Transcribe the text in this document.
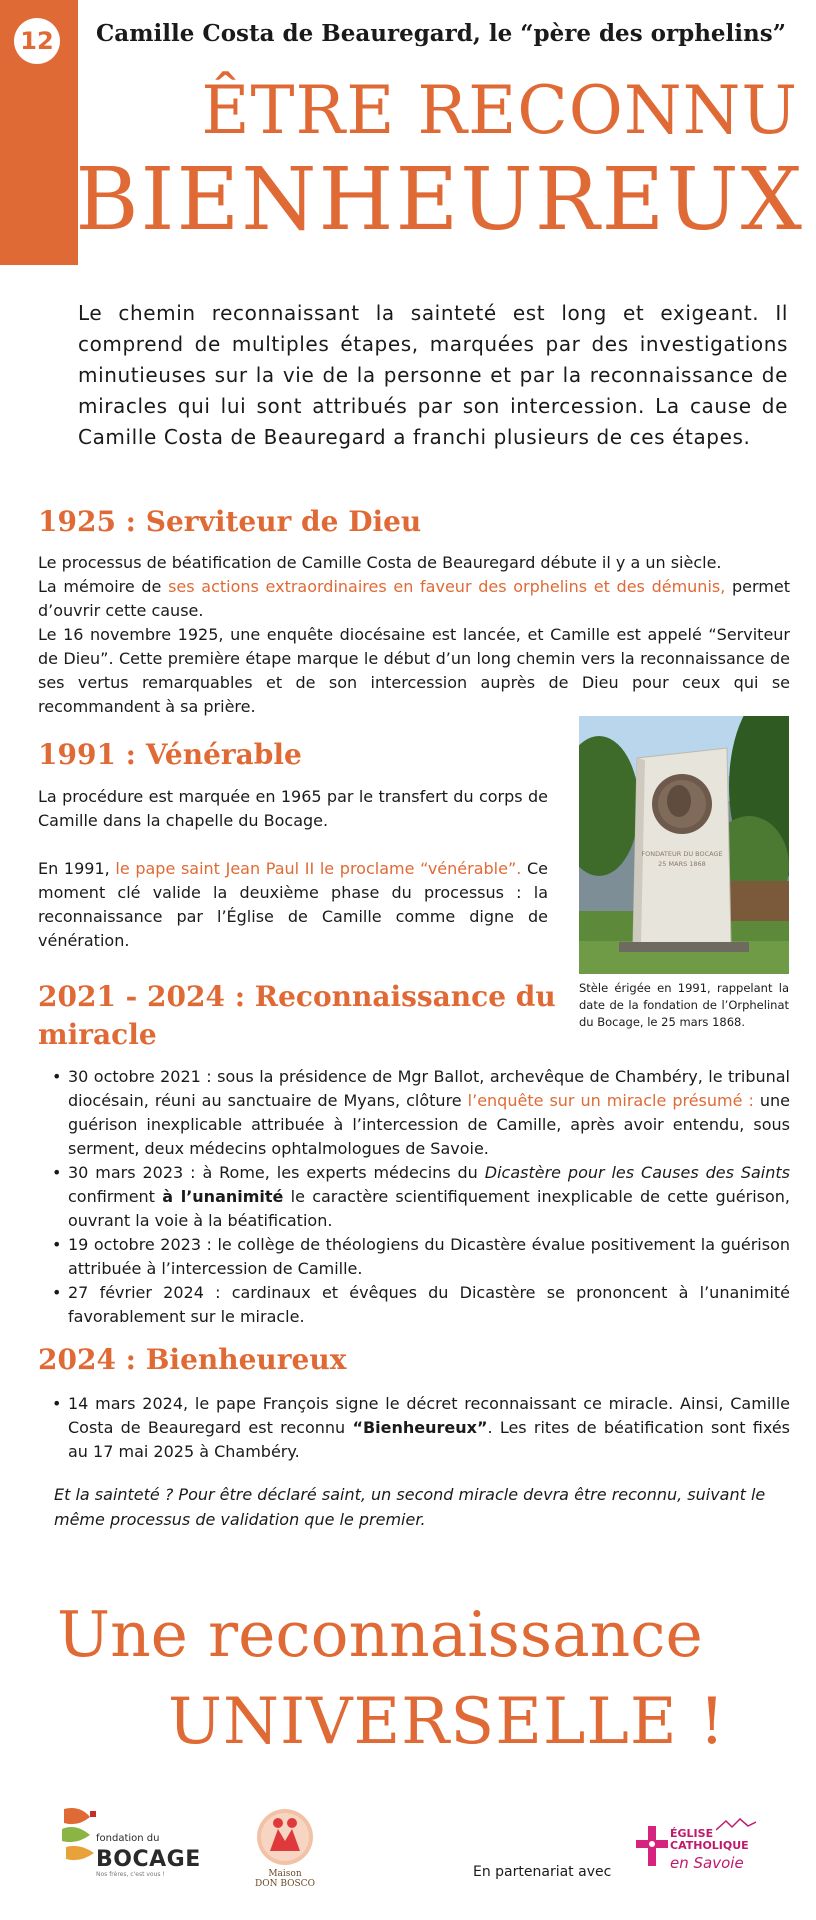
12 Camille Costa de Beauregard, le “père des orphelins”
ÊTRE RECONNU
BIENHEUREUX

Le chemin reconnaissant la sainteté est long et exigeant. Il comprend de multiples étapes, marquées par des investigations minutieuses sur la vie de la personne et par la reconnaissance de miracles qui lui sont attribués par son intercession. La cause de Camille Costa de Beauregard a franchi plusieurs de ces étapes.

1925 : Serviteur de Dieu
Le processus de béatification de Camille Costa de Beauregard débute il y a un siècle.
La mémoire de ses actions extraordinaires en faveur des orphelins et des démunis, permet d’ouvrir cette cause.
Le 16 novembre 1925, une enquête diocésaine est lancée, et Camille est appelé “Serviteur de Dieu”. Cette première étape marque le début d’un long chemin vers la reconnaissance de ses vertus remarquables et de son intercession auprès de Dieu pour ceux qui se recommandent à sa prière.
1991 : Vénérable
La procédure est marquée en 1965 par le transfert du corps de Camille dans la chapelle du Bocage.

En 1991, le pape saint Jean Paul II le proclame “vénérable”. Ce moment clé valide la deuxième phase du processus : la reconnaissance par l’Église de Camille comme digne de vénération.
FONDATEUR DU BOCAGE
25 MARS 1868
Stèle érigée en 1991, rappelant la date de la fondation de l’Orphelinat du Bocage, le 25 mars 1868.
2021 - 2024 : Reconnaissance du
miracle
• 30 octobre 2021 : sous la présidence de Mgr Ballot, archevêque de Chambéry, le tribunal diocésain, réuni au sanctuaire de Myans, clôture l’enquête sur un miracle présumé : une guérison inexplicable attribuée à l’intercession de Camille, après avoir entendu, sous serment, deux médecins ophtalmologues de Savoie.
• 30 mars 2023 : à Rome, les experts médecins du Dicastère pour les Causes des Saints confirment à l’unanimité le caractère scientifiquement inexplicable de cette guérison, ouvrant la voie à la béatification.
• 19 octobre 2023 : le collège de théologiens du Dicastère évalue positivement la guérison attribuée à l’intercession de Camille.
• 27 février 2024 : cardinaux et évêques du Dicastère se prononcent à l’unanimité favorablement sur le miracle.
2024 : Bienheureux
• 14 mars 2024, le pape François signe le décret reconnaissant ce miracle. Ainsi, Camille Costa de Beauregard est reconnu “Bienheureux”. Les rites de béatification sont fixés au 17 mai 2025 à Chambéry.

Et la sainteté ? Pour être déclaré saint, un second miracle devra être reconnu, suivant le même processus de validation que le premier.

Une reconnaissance
UNIVERSELLE !
fondation du
BOCAGE
Nos frères, c'est vous !	Maison
DON BOSCO
En partenariat avec
ÉGLISE
CATHOLIQUE
en Savoie
